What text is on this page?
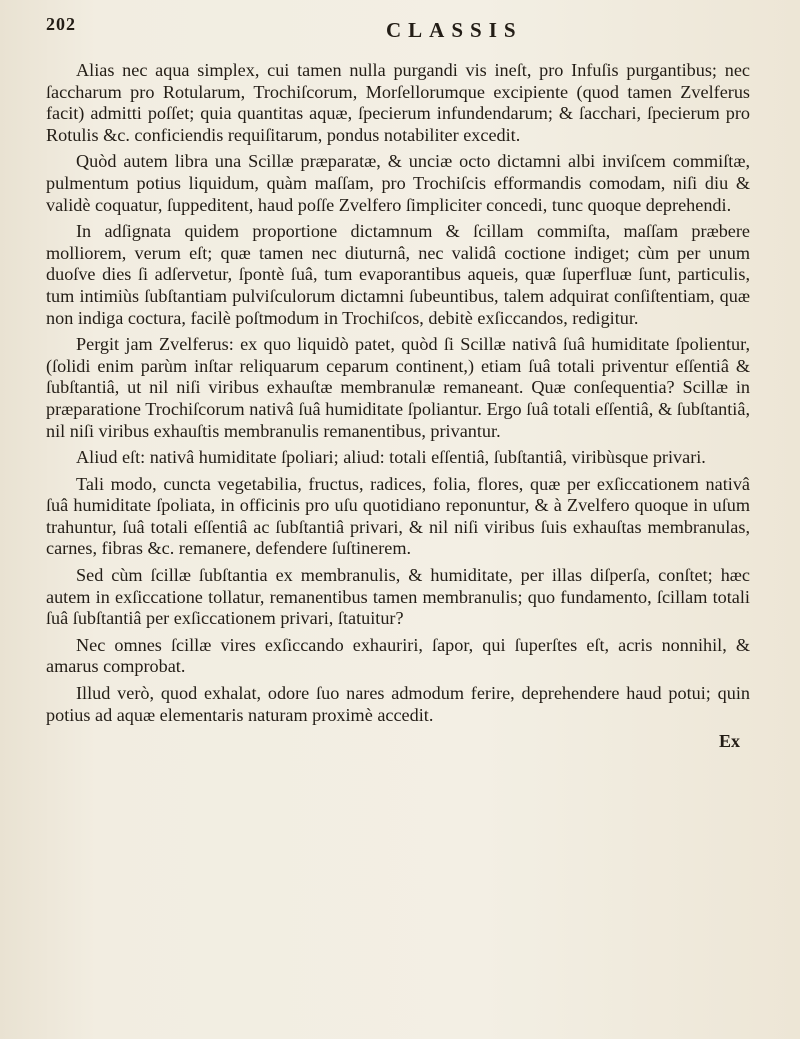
202	CLASSIS

Alias nec aqua simplex, cui tamen nulla purgandi vis ineſt, pro Infuſis purgantibus; nec ſaccharum pro Rotularum, Trochiſcorum, Morſellorumque excipiente (quod tamen Zvelferus facit) admitti poſſet; quia quantitas aquæ, ſpecierum infundendarum; & ſacchari, ſpecierum pro Rotulis &c. conficiendis requiſitarum, pondus notabiliter excedit.

Quòd autem libra una Scillæ præparatæ, & unciæ octo dictamni albi inviſcem commiſtæ, pulmentum potius liquidum, quàm maſſam, pro Trochiſcis efformandis comodam, niſi diu & validè coquatur, ſuppeditent, haud poſſe Zvelfero ſimpliciter concedi, tunc quoque deprehendi.

In adſignata quidem proportione dictamnum & ſcillam commiſta, maſſam præbere molliorem, verum eſt; quæ tamen nec diuturnâ, nec validâ coctione indiget; cùm per unum duoſve dies ſi adſervetur, ſpontè ſuâ, tum evaporantibus aqueis, quæ ſuperfluæ ſunt, particulis, tum intimiùs ſubſtantiam pulviſculorum dictamni ſubeuntibus, talem adquirat conſiſtentiam, quæ non indiga coctura, facilè poſtmodum in Trochiſcos, debitè exſiccandos, redigitur.

Pergit jam Zvelferus: ex quo liquidò patet, quòd ſi Scillæ nativâ ſuâ humiditate ſpolientur, (ſolidi enim parùm inſtar reliquarum ceparum continent,) etiam ſuâ totali priventur eſſentiâ & ſubſtantiâ, ut nil niſi viribus exhauſtæ membranulæ remaneant. Quæ conſequentia? Scillæ in præparatione Trochiſcorum nativâ ſuâ humiditate ſpoliantur. Ergo ſuâ totali eſſentiâ, & ſubſtantiâ, nil niſi viribus exhauſtis membranulis remanentibus, privantur.

Aliud eſt: nativâ humiditate ſpoliari; aliud: totali eſſentiâ, ſubſtantiâ, viribùsque privari.

Tali modo, cuncta vegetabilia, fructus, radices, folia, flores, quæ per exſiccationem nativâ ſuâ humiditate ſpoliata, in officinis pro uſu quotidiano reponuntur, & à Zvelfero quoque in uſum trahuntur, ſuâ totali eſſentiâ ac ſubſtantiâ privari, & nil niſi viribus ſuis exhauſtas membranulas, carnes, fibras &c. remanere, defendere ſuſtinerem.

Sed cùm ſcillæ ſubſtantia ex membranulis, & humiditate, per illas diſperſa, conſtet; hæc autem in exſiccatione tollatur, remanentibus tamen membranulis; quo fundamento, ſcillam totali ſuâ ſubſtantiâ per exſiccationem privari, ſtatuitur?

Nec omnes ſcillæ vires exſiccando exhauriri, ſapor, qui ſuperſtes eſt, acris nonnihil, & amarus comprobat.

Illud verò, quod exhalat, odore ſuo nares admodum ferire, deprehendere haud potui; quin potius ad aquæ elementaris naturam proximè accedit.

Ex
